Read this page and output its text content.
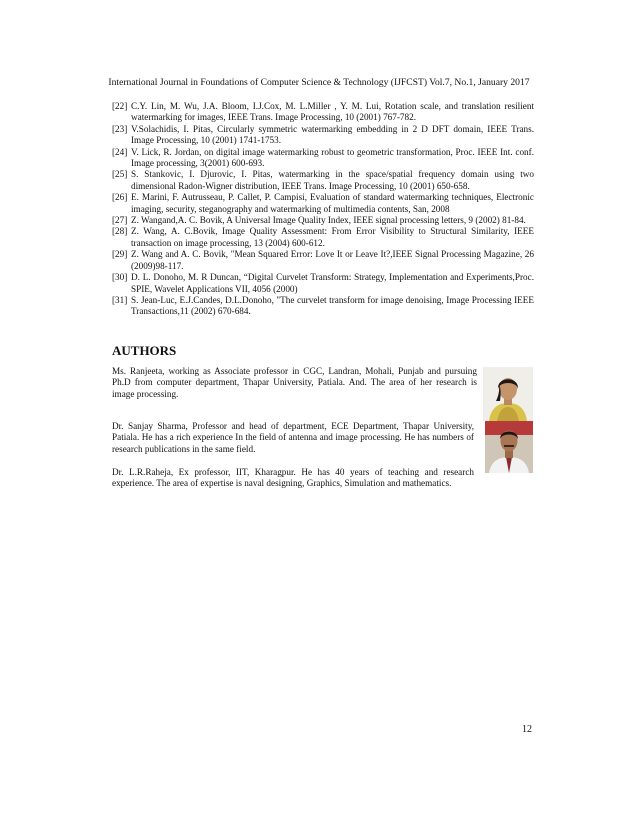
International Journal in Foundations of Computer Science & Technology (IJFCST) Vol.7, No.1, January 2017
[22] C.Y. Lin, M. Wu, J.A. Bloom, I.J.Cox, M. L.Miller , Y. M. Lui, Rotation scale, and translation resilient watermarking for images, IEEE Trans. Image Processing, 10 (2001) 767-782.
[23] V.Solachidis, I. Pitas, Circularly symmetric watermarking embedding in 2 D DFT domain, IEEE Trans. Image Processing, 10 (2001) 1741-1753.
[24] V. Lick, R. Jordan, on digital image watermarking robust to geometric transformation, Proc. IEEE Int. conf. Image processing, 3(2001) 600-693.
[25] S. Stankovic, I. Djurovic, I. Pitas, watermarking in the space/spatial frequency domain using two dimensional Radon-Wigner distribution, IEEE Trans. Image Processing, 10 (2001) 650-658.
[26] E. Marini, F. Autrusseau, P. Callet, P. Campisi, Evaluation of standard watermarking techniques, Electronic imaging, security, steganography and watermarking of multimedia contents, San, 2008
[27] Z. Wangand,A. C. Bovik, A Universal Image Quality Index, IEEE signal processing letters, 9 (2002) 81-84.
[28] Z. Wang, A. C.Bovik, Image Quality Assessment: From Error Visibility to Structural Similarity, IEEE transaction on image processing, 13 (2004) 600-612.
[29] Z. Wang and A. C. Bovik, "Mean Squared Error: Love It or Leave It?,IEEE Signal Processing Magazine, 26 (2009)98-117.
[30] D. L. Donoho, M. R Duncan, “Digital Curvelet Transform: Strategy, Implementation and Experiments,Proc. SPIE, Wavelet Applications VII, 4056 (2000)
[31] S. Jean-Luc, E.J.Candes, D.L.Donoho, "The curvelet transform for image denoising, Image Processing IEEE Transactions,11 (2002) 670-684.
AUTHORS
Ms. Ranjeeta, working as Associate professor in CGC, Landran, Mohali, Punjab and pursuing Ph.D from computer department, Thapar University, Patiala. And. The area of her research is image processing.
Dr. Sanjay Sharma, Professor and head of department, ECE Department, Thapar University, Patiala. He has a rich experience In the field of antenna and image processing. He has numbers of research publications in the same field.
Dr. L.R.Raheja, Ex professor, IIT, Kharagpur. He has 40 years of teaching and research experience. The area of expertise is naval designing, Graphics, Simulation and mathematics.
12
